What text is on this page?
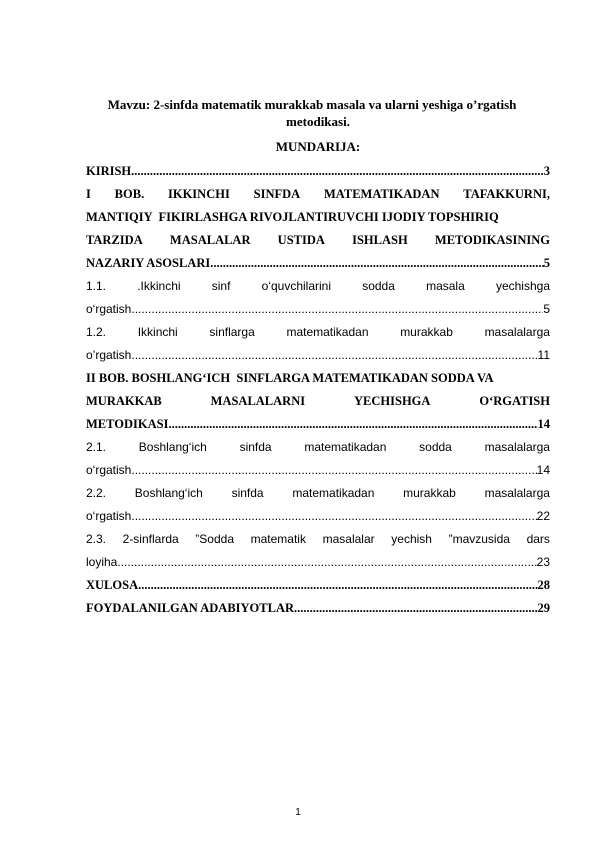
Mavzu: 2-sinfda matematik murakkab masala va ularni yeshiga o’rgatish
metodikasi.
MUNDARIJA:
KIRISH .....	3
I BOB. IKKINCHI SINFDA MATEMATIKADAN TAFAKKURNI,
MANTIQIY  FIKIRLASHGA RIVOJLANTIRUVCHI IJODIY TOPSHIRIQ
TARZIDA MASALALAR USTIDA ISHLASH METODIKASINING
NAZARIY ASOSLARI .....	5
1.1.	.Ikkinchi	sinf	o‘quvchilarini	sodda	masala	yechishga
o‘rgatish .....	5
1.2.	Ikkinchi	sinflarga	matematikadan	murakkab	masalalarga
o’rgatish .....	11
II BOB. BOSHLANG‘ICH  SINFLARGA MATEMATIKADAN SODDA VA
MURAKKAB	MASALALARNI	YECHISHGA	O‘RGATISH
METODIKASI .....	14
2.1.	Boshlang‘ich	sinfda	matematikadan	sodda	masalalarga
o‘rgatish .....	14
2.2. Boshlang‘ich sinfda matematikadan murakkab masalalarga
o‘rgatish .....	22
2.3. 2-sinflarda ”Sodda matematik masalalar yechish ”mavzusida dars
loyiha .....	23
XULOSA .....	28
FOYDALANILGAN ADABIYOTLAR .....	29
1
